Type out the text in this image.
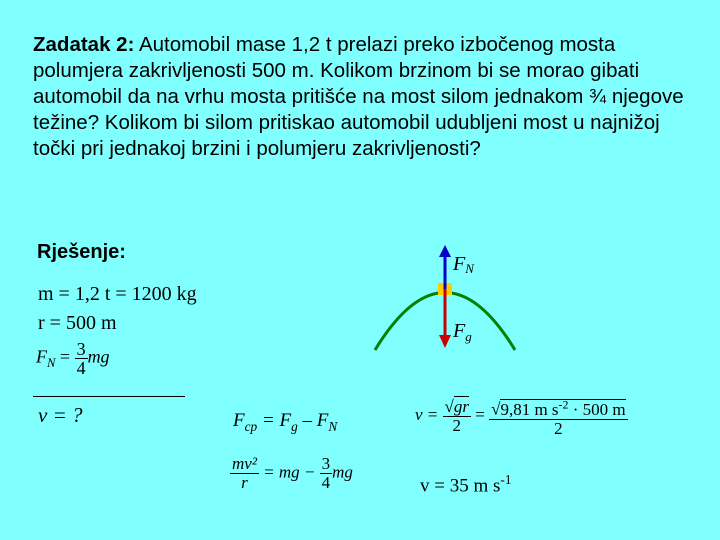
Zadatak 2: Automobil mase 1,2 t prelazi preko izbočenog mosta polumjera zakrivljenosti 500 m. Kolikom brzinom bi se morao gibati automobil da na vrhu mosta pritišće na most silom jednakom ¾ njegove težine? Kolikom bi silom pritiskao automobil udubljeni most u najnižoj točki pri jednakoj brzini i polumjeru zakrivljenosti?
Rješenje:
m = 1,2 t = 1200 kg
r = 500 m
$F_N = \frac{3}{4}$ mg
v = ?
FN
$F_g$
$F_{cp} = F_g - F_N$
$\frac{\text{mv²}}{r}$ = mg − $\frac{3}{4}$ mg
$v = \frac{√gr}{2} = \frac{√9,81 m s^{-2} \cdot 500 m}{2}$
v = 35 m $s^{-1}$
